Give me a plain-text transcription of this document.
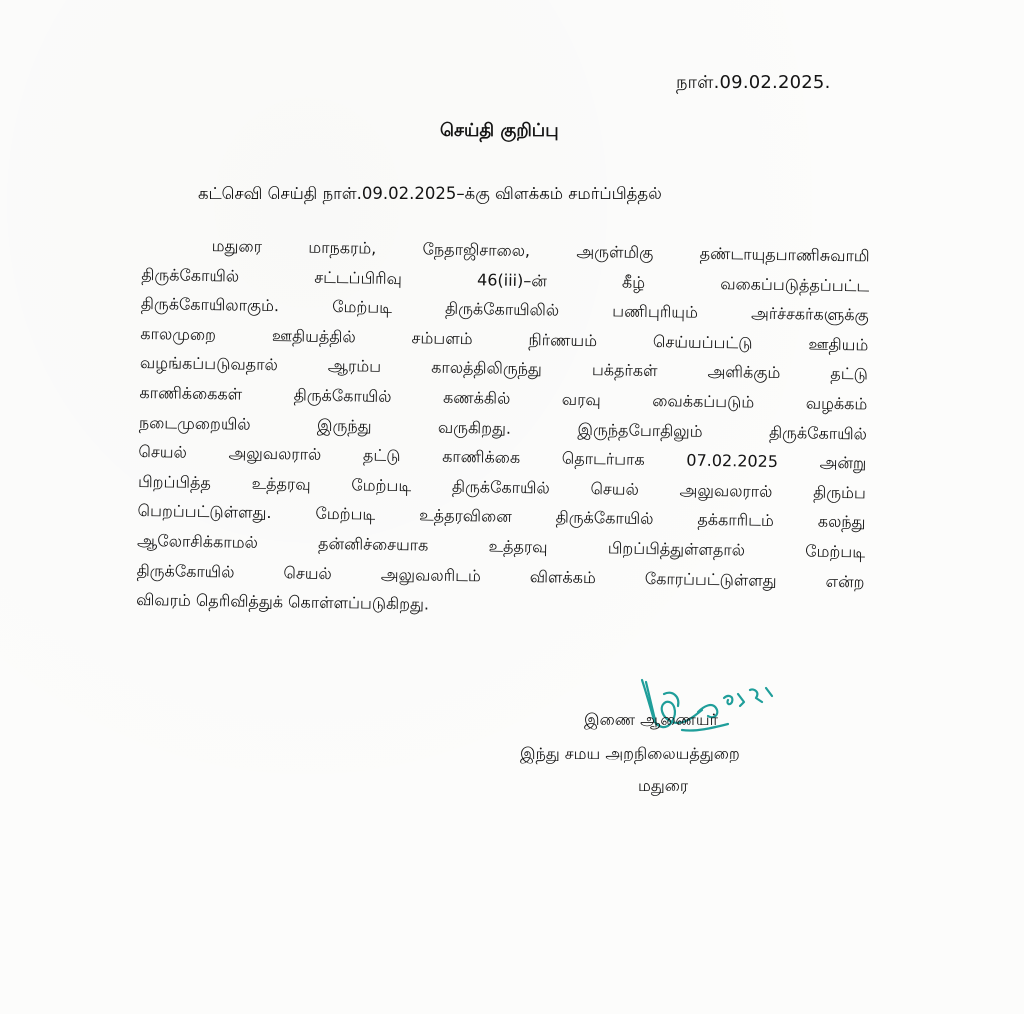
நாள்.09.02.2025.
செய்தி குறிப்பு
கட்செவி செய்தி நாள்.09.02.2025–க்கு விளக்கம் சமர்ப்பித்தல்
மதுரை	மாநகரம்,	நேதாஜிசாலை,	அருள்மிகு	தண்டாயுதபாணிசுவாமி
திருக்கோயில்	சட்டப்பிரிவு	46(iii)–ன்	கீழ்	வகைப்படுத்தப்பட்ட
திருக்கோயிலாகும்.	மேற்படி	திருக்கோயிலில்	பணிபுரியும்	அர்ச்சகர்களுக்கு
காலமுறை	ஊதியத்தில்	சம்பளம்	நிர்ணயம்	செய்யப்பட்டு	ஊதியம்
வழங்கப்படுவதால்	ஆரம்ப	காலத்திலிருந்து	பக்தர்கள்	அளிக்கும்	தட்டு
காணிக்கைகள்	திருக்கோயில்	கணக்கில்	வரவு	வைக்கப்படும்	வழக்கம்
நடைமுறையில்	இருந்து	வருகிறது.	இருந்தபோதிலும்	திருக்கோயில்
செயல்	அலுவலரால்	தட்டு	காணிக்கை	தொடர்பாக	07.02.2025	அன்று
பிறப்பித்த	உத்தரவு	மேற்படி	திருக்கோயில்	செயல்	அலுவலரால்	திரும்ப
பெறப்பட்டுள்ளது.	மேற்படி	உத்தரவினை	திருக்கோயில்	தக்காரிடம்	கலந்து
ஆலோசிக்காமல்	தன்னிச்சையாக	உத்தரவு	பிறப்பித்துள்ளதால்	மேற்படி
திருக்கோயில்	செயல்	அலுவலரிடம்	விளக்கம்	கோரப்பட்டுள்ளது	என்ற
விவரம் தெரிவித்துக் கொள்ளப்படுகிறது.
இணை ஆணையர்
இந்து சமய அறநிலையத்துறை
மதுரை
